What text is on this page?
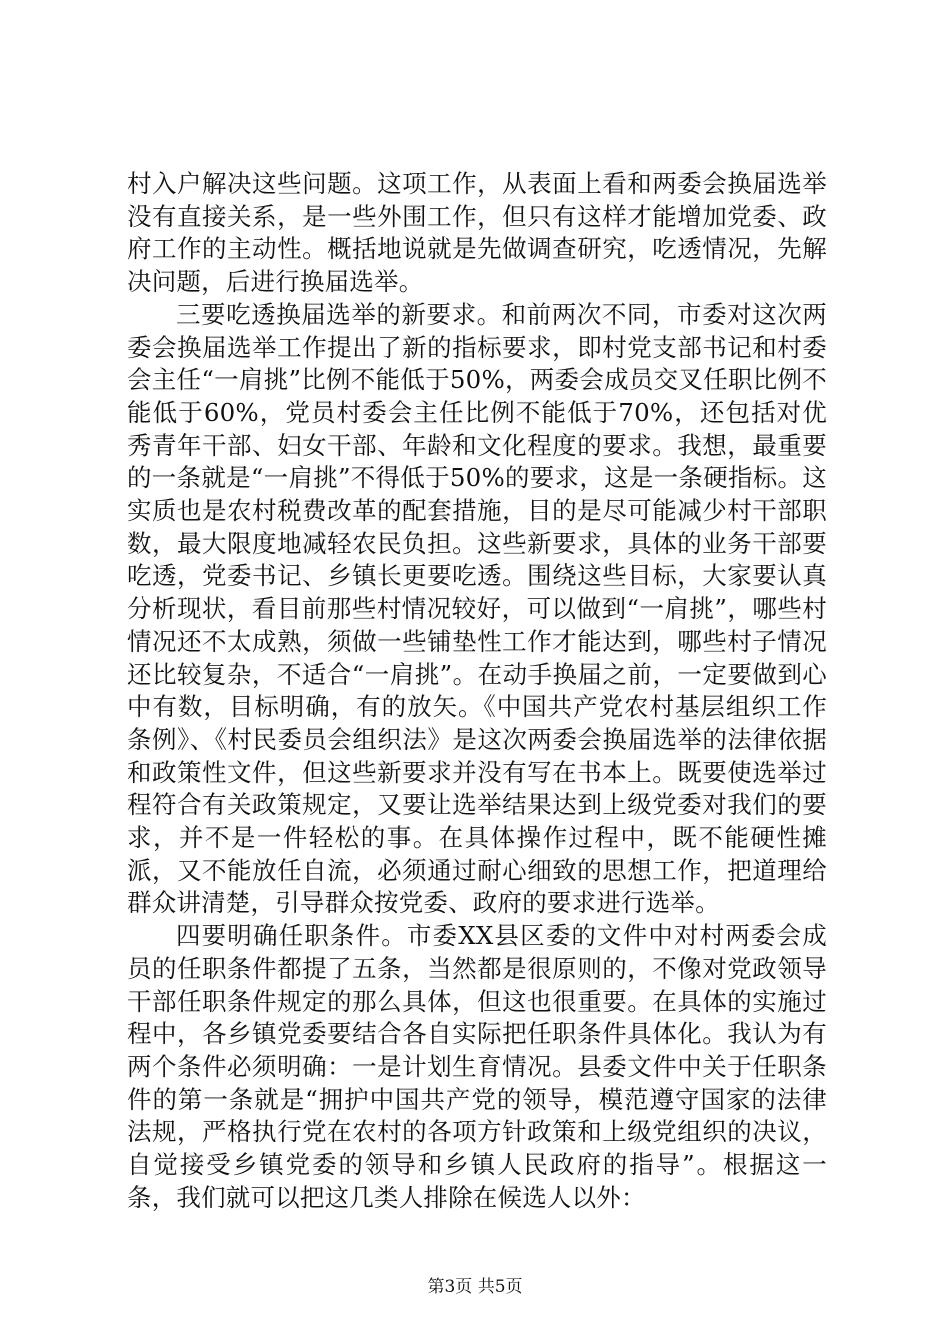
村入户解决这些问题。这项工作，从表面上看和两委会换届选举没有直接关系，是一些外围工作，但只有这样才能增加党委、政府工作的主动性。概括地说就是先做调查研究，吃透情况，先解决问题，后进行换届选举。

三要吃透换届选举的新要求。和前两次不同，市委对这次两委会换届选举工作提出了新的指标要求，即村党支部书记和村委会主任“一肩挑”比例不能低于50%，两委会成员交叉任职比例不能低于60%，党员村委会主任比例不能低于70%，还包括对优秀青年干部、妇女干部、年龄和文化程度的要求。我想，最重要的一条就是“一肩挑”不得低于50%的要求，这是一条硬指标。这实质也是农村税费改革的配套措施，目的是尽可能减少村干部职数，最大限度地减轻农民负担。这些新要求，具体的业务干部要吃透，党委书记、乡镇长更要吃透。围绕这些目标，大家要认真分析现状，看目前那些村情况较好，可以做到“一肩挑”，哪些村情况还不太成熟，须做一些铺垫性工作才能达到，哪些村子情况还比较复杂，不适合“一肩挑”。在动手换届之前，一定要做到心中有数，目标明确，有的放矢。《中国共产党农村基层组织工作条例》、《村民委员会组织法》是这次两委会换届选举的法律依据和政策性文件，但这些新要求并没有写在书本上。既要使选举过程符合有关政策规定，又要让选举结果达到上级党委对我们的要求，并不是一件轻松的事。在具体操作过程中，既不能硬性摊派，又不能放任自流，必须通过耐心细致的思想工作，把道理给群众讲清楚，引导群众按党委、政府的要求进行选举。

四要明确任职条件。市委XX县区委的文件中对村两委会成员的任职条件都提了五条，当然都是很原则的，不像对党政领导干部任职条件规定的那么具体，但这也很重要。在具体的实施过程中，各乡镇党委要结合各自实际把任职条件具体化。我认为有两个条件必须明确：一是计划生育情况。县委文件中关于任职条件的第一条就是“拥护中国共产党的领导，模范遵守国家的法律法规，严格执行党在农村的各项方针政策和上级党组织的决议，自觉接受乡镇党委的领导和乡镇人民政府的指导”。根据这一条，我们就可以把这几类人排除在候选人以外：

第3页 共5页
